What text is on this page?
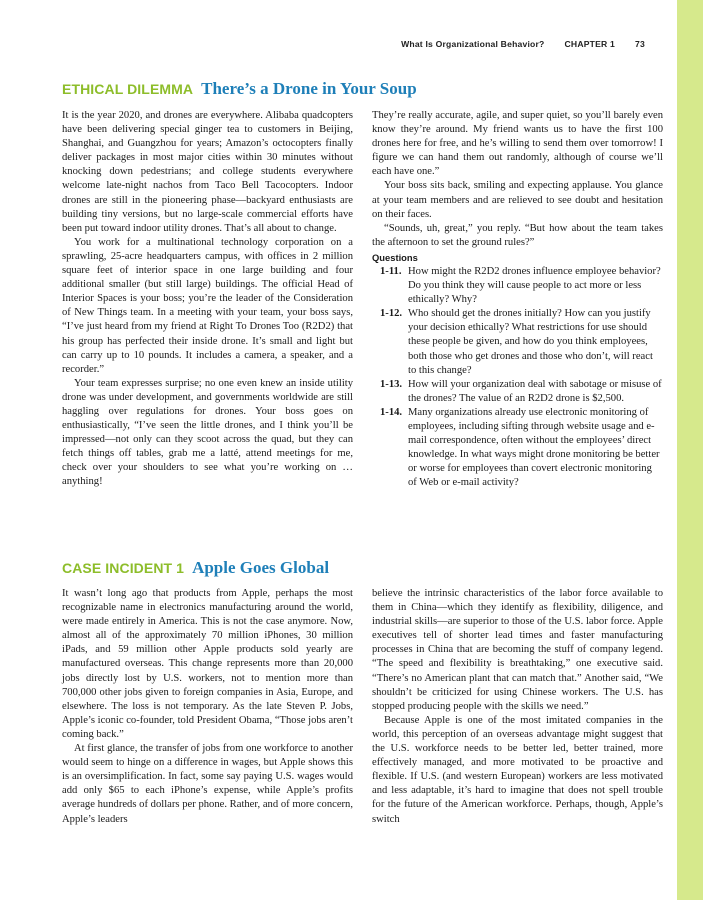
What Is Organizational Behavior? CHAPTER 1 73
ETHICAL DILEMMA There’s a Drone in Your Soup

It is the year 2020, and drones are everywhere. Alibaba quadcopters have been delivering special ginger tea to customers in Beijing, Shanghai, and Guangzhou for years; Amazon’s octocopters finally deliver packages in most major cities within 30 minutes without knocking down pedestrians; and college students everywhere welcome late-night nachos from Taco Bell Tacocopters. Indoor drones are still in the pioneering phase—backyard enthusiasts are building tiny versions, but no large-scale commercial efforts have been put toward indoor utility drones. That’s all about to change.

You work for a multinational technology corporation on a sprawling, 25-acre headquarters campus, with offices in 2 million square feet of interior space in one large building and four additional smaller (but still large) buildings. The official Head of Interior Spaces is your boss; you’re the leader of the Consideration of New Things team. In a meeting with your team, your boss says, “I’ve just heard from my friend at Right To Drones Too (R2D2) that his group has perfected their inside drone. It’s small and light but can carry up to 10 pounds. It includes a camera, a speaker, and a recorder.”

Your team expresses surprise; no one even knew an inside utility drone was under development, and governments worldwide are still haggling over regulations for drones. Your boss goes on enthusiastically, “I’ve seen the little drones, and I think you’ll be impressed—not only can they scoot across the quad, but they can fetch things off tables, grab me a latté, attend meetings for me, check over your shoulders to see what you’re working on … anything!

They’re really accurate, agile, and super quiet, so you’ll barely even know they’re around. My friend wants us to have the first 100 drones here for free, and he’s willing to send them over tomorrow! I figure we can hand them out randomly, although of course we’ll each have one.”

Your boss sits back, smiling and expecting applause. You glance at your team members and are relieved to see doubt and hesitation on their faces.

“Sounds, uh, great,” you reply. “But how about the team takes the afternoon to set the ground rules?”

Questions

1-11. How might the R2D2 drones influence employee behavior? Do you think they will cause people to act more or less ethically? Why?

1-12. Who should get the drones initially? How can you justify your decision ethically? What restrictions for use should these people be given, and how do you think employees, both those who get drones and those who don’t, will react to this change?

1-13. How will your organization deal with sabotage or misuse of the drones? The value of an R2D2 drone is $2,500.

1-14. Many organizations already use electronic monitoring of employees, including sifting through website usage and e-mail correspondence, often without the employees’ direct knowledge. In what ways might drone monitoring be better or worse for employees than covert electronic monitoring of Web or e-mail activity?

CASE INCIDENT 1 Apple Goes Global

It wasn’t long ago that products from Apple, perhaps the most recognizable name in electronics manufacturing around the world, were made entirely in America. This is not the case anymore. Now, almost all of the approximately 70 million iPhones, 30 million iPads, and 59 million other Apple products sold yearly are manufactured overseas. This change represents more than 20,000 jobs directly lost by U.S. workers, not to mention more than 700,000 other jobs given to foreign companies in Asia, Europe, and elsewhere. The loss is not temporary. As the late Steven P. Jobs, Apple’s iconic co-founder, told President Obama, “Those jobs aren’t coming back.”

At first glance, the transfer of jobs from one workforce to another would seem to hinge on a difference in wages, but Apple shows this is an oversimplification. In fact, some say paying U.S. wages would add only $65 to each iPhone’s expense, while Apple’s profits average hundreds of dollars per phone. Rather, and of more concern, Apple’s leaders

believe the intrinsic characteristics of the labor force available to them in China—which they identify as flexibility, diligence, and industrial skills—are superior to those of the U.S. labor force. Apple executives tell of shorter lead times and faster manufacturing processes in China that are becoming the stuff of company legend. “The speed and flexibility is breathtaking,” one executive said. “There’s no American plant that can match that.” Another said, “We shouldn’t be criticized for using Chinese workers. The U.S. has stopped producing people with the skills we need.”

Because Apple is one of the most imitated companies in the world, this perception of an overseas advantage might suggest that the U.S. workforce needs to be better led, better trained, more effectively managed, and more motivated to be proactive and flexible. If U.S. (and western European) workers are less motivated and less adaptable, it’s hard to imagine that does not spell trouble for the future of the American workforce. Perhaps, though, Apple’s switch
